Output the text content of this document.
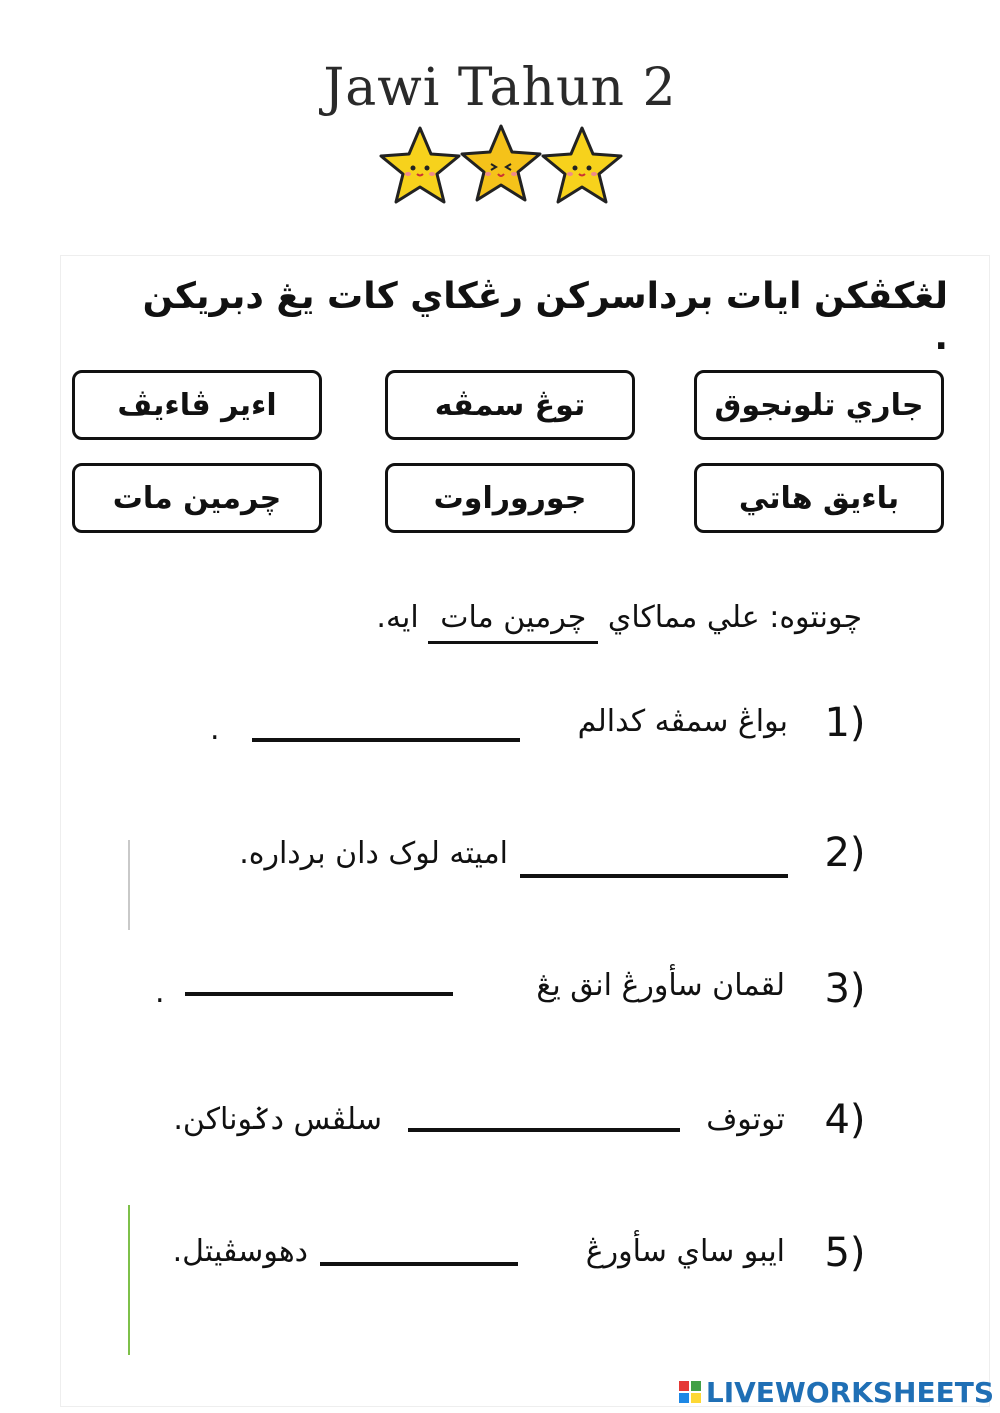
Jawi Tahun 2
لڠكڤكن ايات برداسركن رڠكاي كات يڠ دبريكن .
جاري تلونجوق
توڠ سمڤه
اءير ڤاءيڤ
باءيق هاتي
جوروراوت
چرمين مات
چونتوه: علي مماكاي چرمين مات ايه.
1)
بواڠ سمڤه كدالم
.
2)
اميته لوک دان برداره.
3)
لقمان سأورڠ انق يڠ
.
4)
توتوف
سلڤس دݢوناكن.
5)
ايبو ساي سأورڠ
دهوسڤيتل.
LIVEWORKSHEETS
